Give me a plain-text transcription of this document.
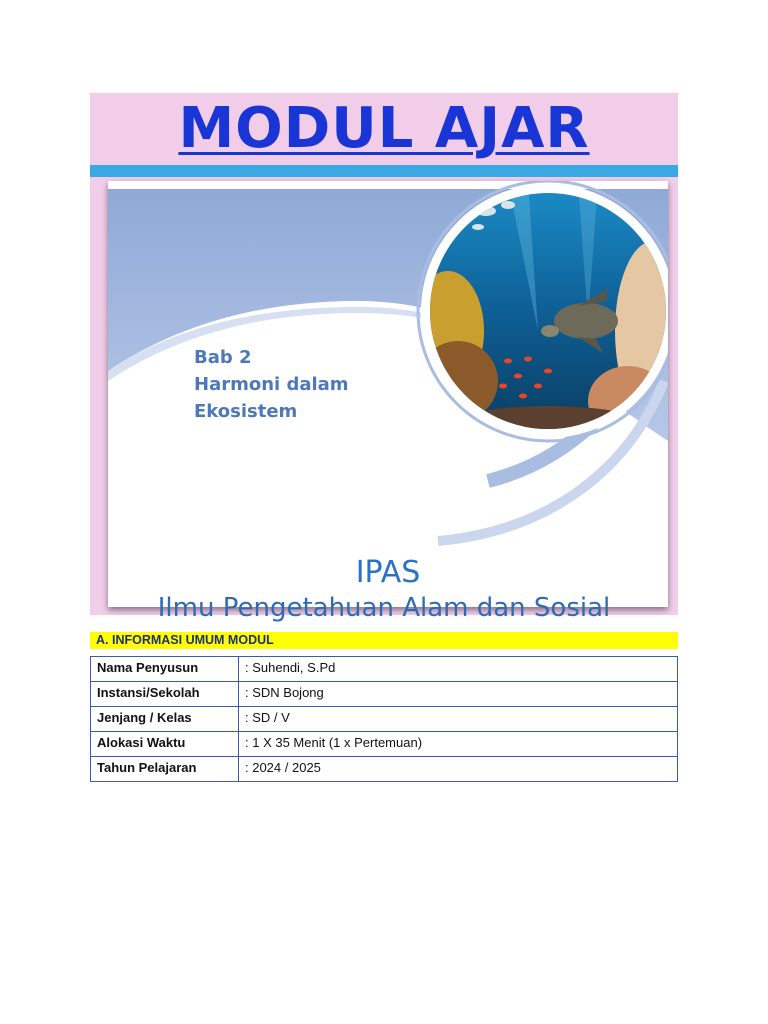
MODUL AJAR
Bab 2
Harmoni dalam
Ekosistem
IPAS
Ilmu Pengetahuan Alam dan Sosial
A. INFORMASI UMUM MODUL
Nama Penyusun	: Suhendi, S.Pd
Instansi/Sekolah	: SDN Bojong
Jenjang / Kelas	: SD / V
Alokasi Waktu	: 1 X 35 Menit (1 x Pertemuan)
Tahun Pelajaran	: 2024 / 2025
